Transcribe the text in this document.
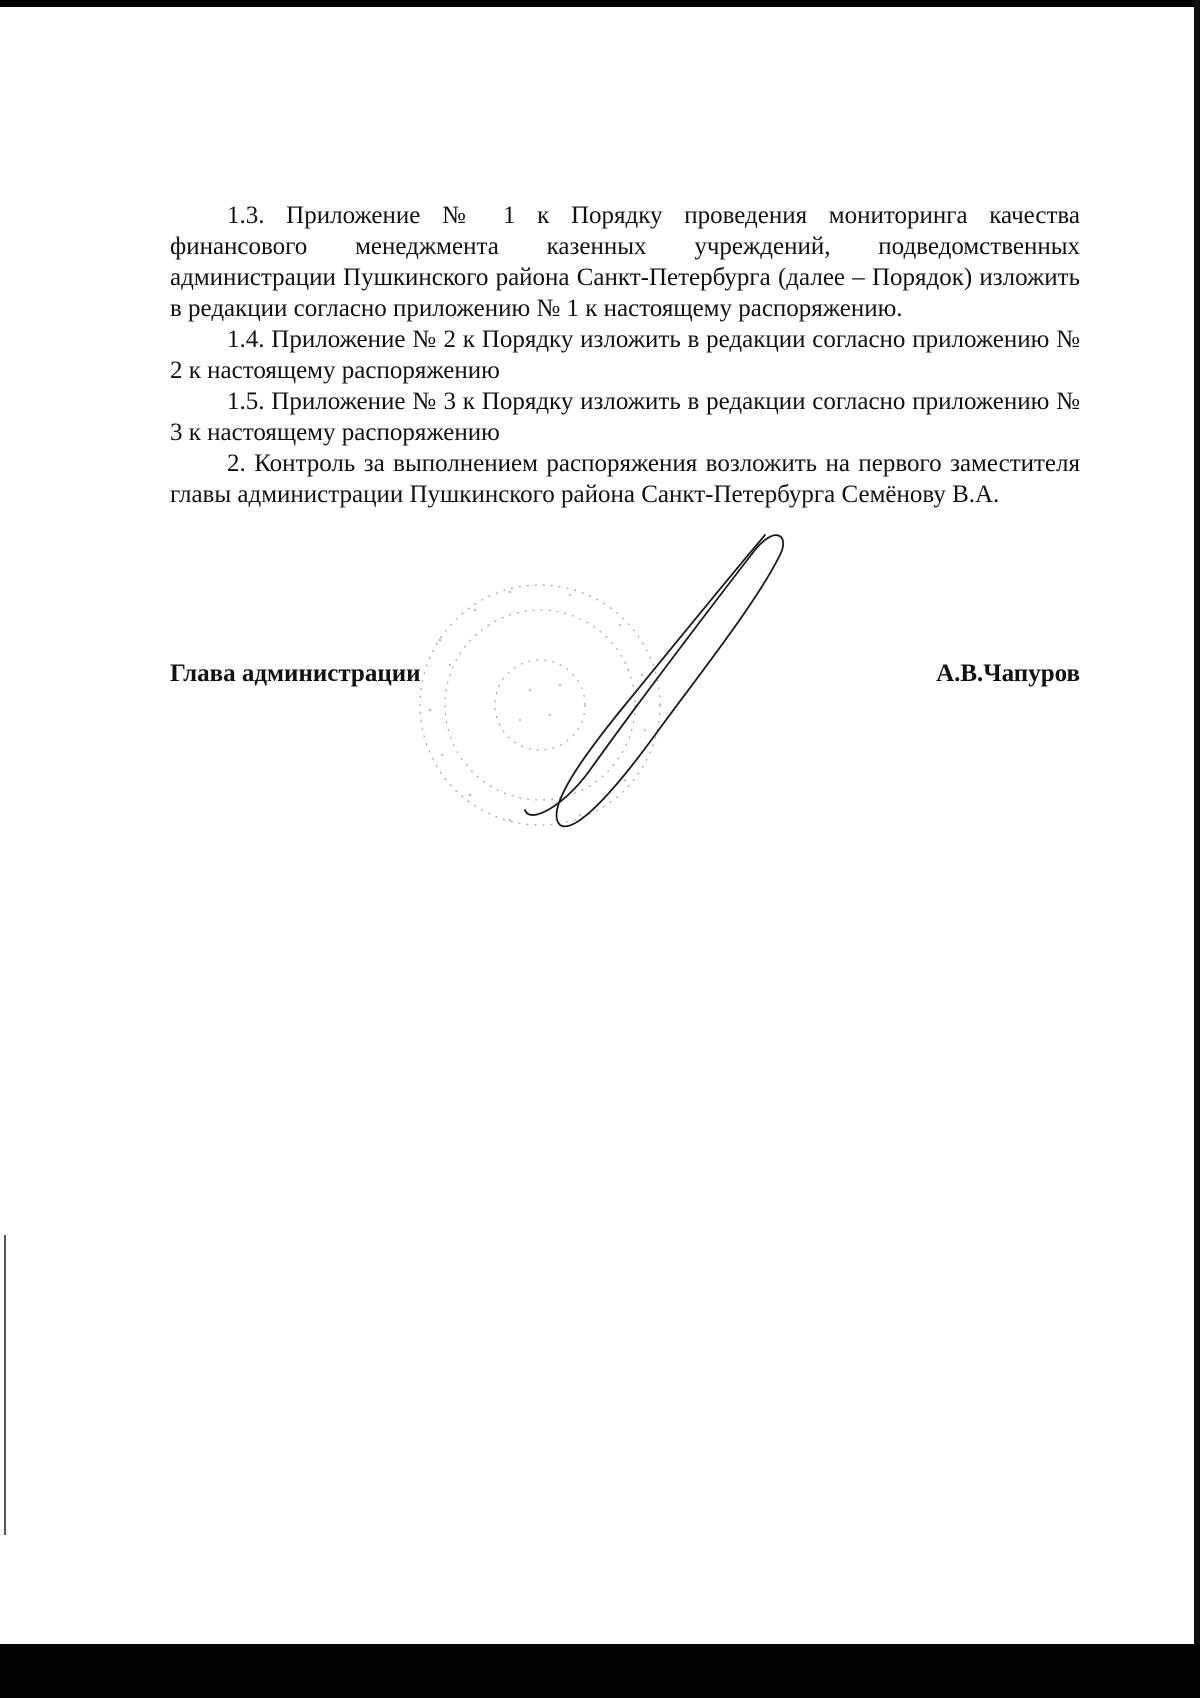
1.3. Приложение № 1 к Порядку проведения мониторинга качества финансового менеджмента казенных учреждений, подведомственных администрации Пушкинского района Санкт-Петербурга (далее – Порядок) изложить в редакции согласно приложению № 1 к настоящему распоряжению.

1.4. Приложение № 2 к Порядку изложить в редакции согласно приложению № 2 к настоящему распоряжению

1.5. Приложение № 3 к Порядку изложить в редакции согласно приложению № 3 к настоящему распоряжению

2. Контроль за выполнением распоряжения возложить на первого заместителя главы администрации Пушкинского района Санкт-Петербурга Семёнову В.А.

Глава администрации	А.В.Чапуров
